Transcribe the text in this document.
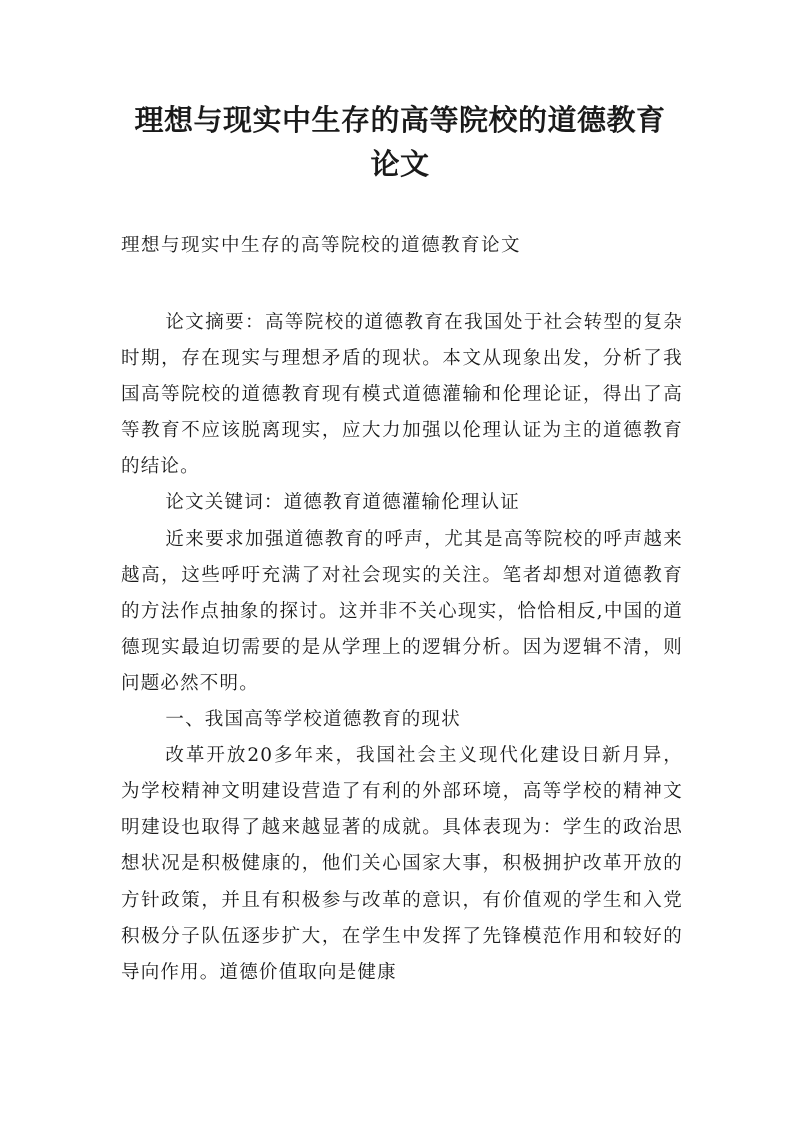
理想与现实中生存的高等院校的道德教育
论文

理想与现实中生存的高等院校的道德教育论文

论文摘要：高等院校的道德教育在我国处于社会转型的复杂时期，存在现实与理想矛盾的现状。本文从现象出发，分析了我国高等院校的道德教育现有模式道德灌输和伦理论证，得出了高等教育不应该脱离现实，应大力加强以伦理认证为主的道德教育的结论。

论文关键词：道德教育道德灌输伦理认证

近来要求加强道德教育的呼声，尤其是高等院校的呼声越来越高，这些呼吁充满了对社会现实的关注。笔者却想对道德教育的方法作点抽象的探讨。这并非不关心现实，恰恰相反,中国的道德现实最迫切需要的是从学理上的逻辑分析。因为逻辑不清，则问题必然不明。

一、我国高等学校道德教育的现状

改革开放20多年来，我国社会主义现代化建设日新月异，为学校精神文明建设营造了有利的外部环境，高等学校的精神文明建设也取得了越来越显著的成就。具体表现为：学生的政治思想状况是积极健康的，他们关心国家大事，积极拥护改革开放的方针政策，并且有积极参与改革的意识，有价值观的学生和入党积极分子队伍逐步扩大，在学生中发挥了先锋模范作用和较好的导向作用。道德价值取向是健康
